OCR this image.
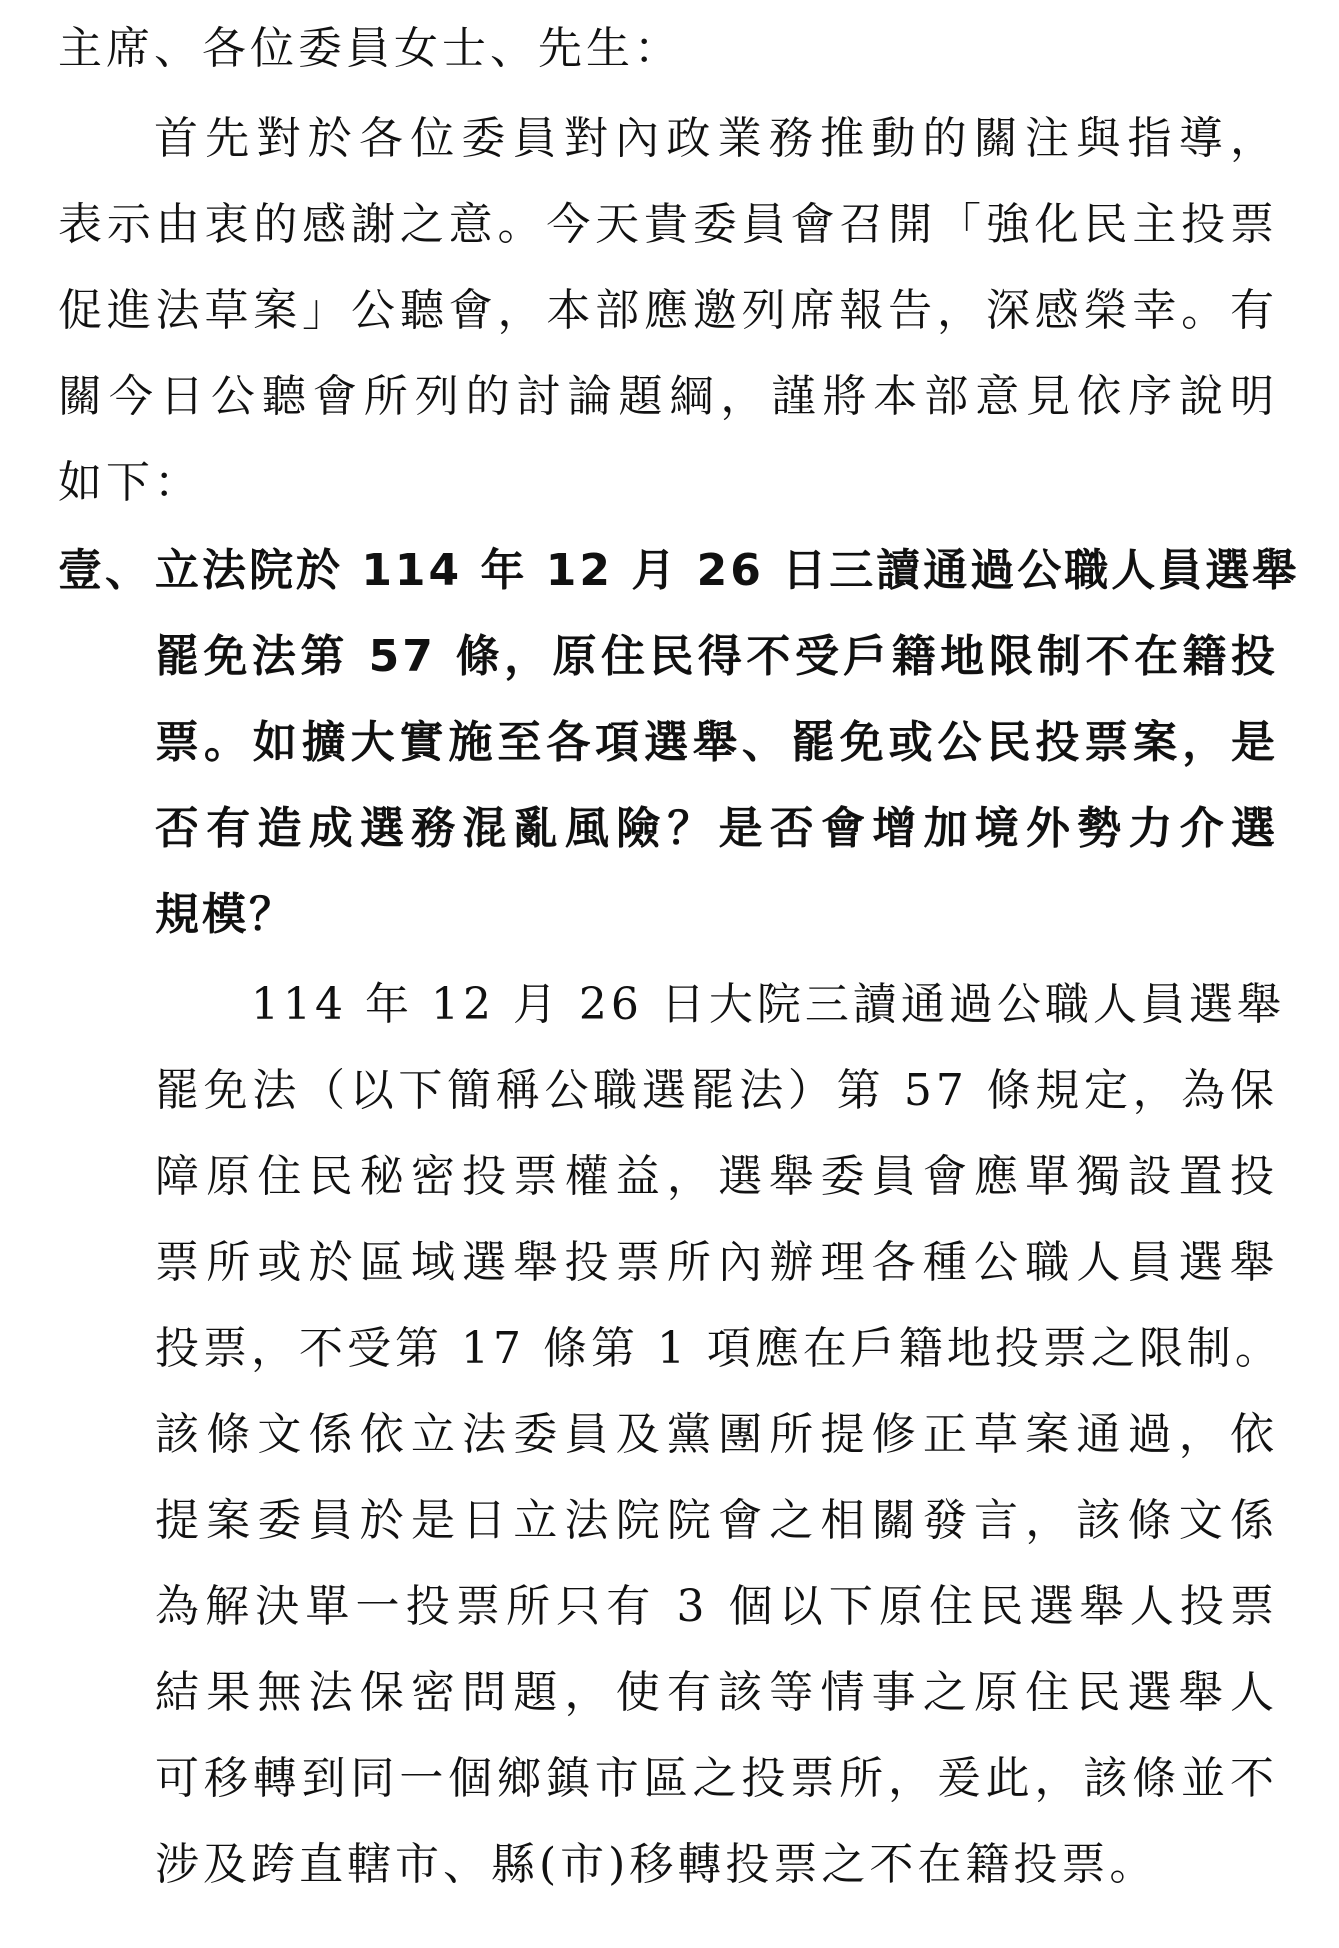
主席、各位委員女士、先生：
首先對於各位委員對內政業務推動的關注與指導，
表示由衷的感謝之意。今天貴委員會召開「強化民主投票
促進法草案」公聽會，本部應邀列席報告，深感榮幸。有
關今日公聽會所列的討論題綱，謹將本部意見依序說明
如下：
壹、 立法院於 114 年 12 月 26 日三讀通過公職人員選舉
罷免法第 57 條，原住民得不受戶籍地限制不在籍投
票。如擴大實施至各項選舉、罷免或公民投票案，是
否有造成選務混亂風險？是否會增加境外勢力介選
規模？
114 年 12 月 26 日大院三讀通過公職人員選舉
罷免法（以下簡稱公職選罷法）第 57 條規定，為保
障原住民秘密投票權益，選舉委員會應單獨設置投
票所或於區域選舉投票所內辦理各種公職人員選舉
投票，不受第 17 條第 1 項應在戶籍地投票之限制。
該條文係依立法委員及黨團所提修正草案通過，依
提案委員於是日立法院院會之相關發言，該條文係
為解決單一投票所只有 3 個以下原住民選舉人投票
結果無法保密問題，使有該等情事之原住民選舉人
可移轉到同一個鄉鎮市區之投票所，爰此，該條並不
涉及跨直轄市、縣(市)移轉投票之不在籍投票。
